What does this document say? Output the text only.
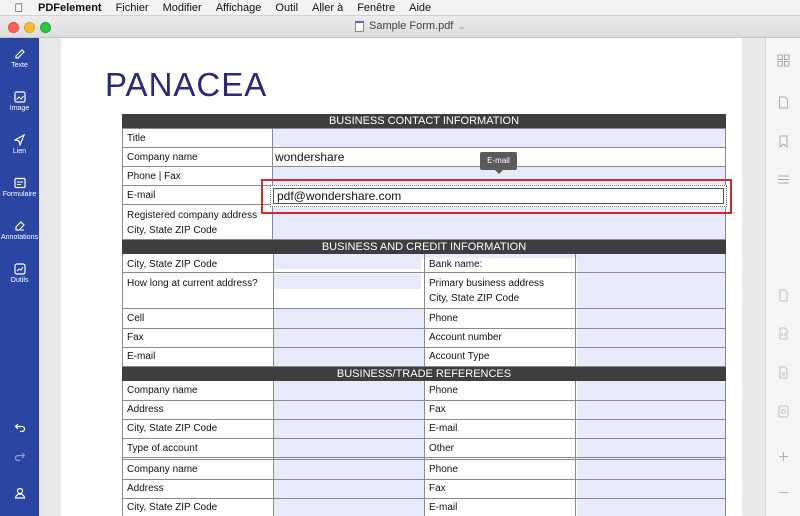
PDFelement Fichier Modifier Affichage Outil Aller à Fenêtre Aide
Sample Form.pdf ⌄
Texte
Image
Lien
Formulaire
Annotations
Outils
PANACEA
BUSINESS CONTACT INFORMATION
Title
Company name	wondershare
Phone | Fax
E-mail
Registered company address
City, State ZIP Code
BUSINESS AND CREDIT INFORMATION
City, State ZIP Code
How long at current address?
Cell
Fax
E-mail
Bank name:
Primary business address
City, State ZIP Code
Phone
Account number
Account Type
BUSINESS/TRADE REFERENCES
Company name
Address
City, State ZIP Code
Type of account
Company name
Address
City, State ZIP Code
Phone
Fax
E-mail
Other
Phone
Fax
E-mail
pdf@wondershare.com
E-mail
